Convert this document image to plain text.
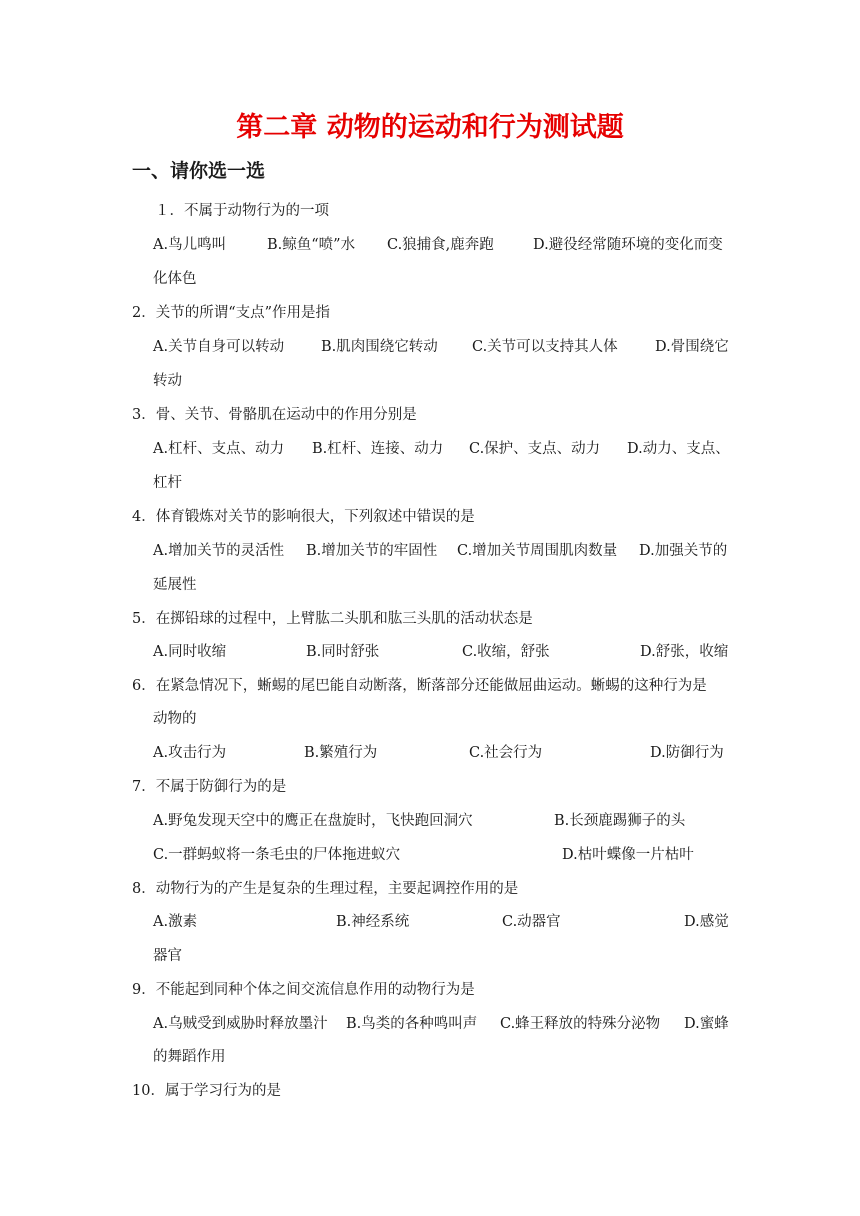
第二章 动物的运动和行为测试题
一、请你选一选
１．不属于动物行为的一项
A.鸟儿鸣叫	B.鲸鱼“喷”水 C.狼捕食,鹿奔跑	D.避役经常随环境的变化而变
化体色
2．关节的所谓“支点”作用是指
A.关节自身可以转动	B.肌肉围绕它转动 C.关节可以支持其人体	D.骨围绕它
转动
3．骨、关节、骨骼肌在运动中的作用分别是
A.杠杆、支点、动力 B.杠杆、连接、动力 C.保护、支点、动力 D.动力、支点、
杠杆
4．体育锻炼对关节的影响很大，下列叙述中错误的是
A.增加关节的灵活性 B.增加关节的牢固性 C.增加关节周围肌肉数量 D.加强关节的
延展性
5．在掷铅球的过程中，上臂肱二头肌和肱三头肌的活动状态是
A.同时收缩	B.同时舒张	C.收缩，舒张	D.舒张，收缩
6．在紧急情况下，蜥蜴的尾巴能自动断落，断落部分还能做屈曲运动。蜥蜴的这种行为是
动物的
A.攻击行为	B.繁殖行为	C.社会行为	D.防御行为
7．不属于防御行为的是
A.野兔发现天空中的鹰正在盘旋时，飞快跑回洞穴	B.长颈鹿踢狮子的头
C.一群蚂蚁将一条毛虫的尸体拖进蚁穴	D.枯叶蝶像一片枯叶
8．动物行为的产生是复杂的生理过程，主要起调控作用的是
A.激素	B.神经系统	C.动器官	D.感觉
器官
9．不能起到同种个体之间交流信息作用的动物行为是
A.乌贼受到威胁时释放墨汁 B.鸟类的各种鸣叫声 C.蜂王释放的特殊分泌物 D.蜜蜂
的舞蹈作用
10．属于学习行为的是
